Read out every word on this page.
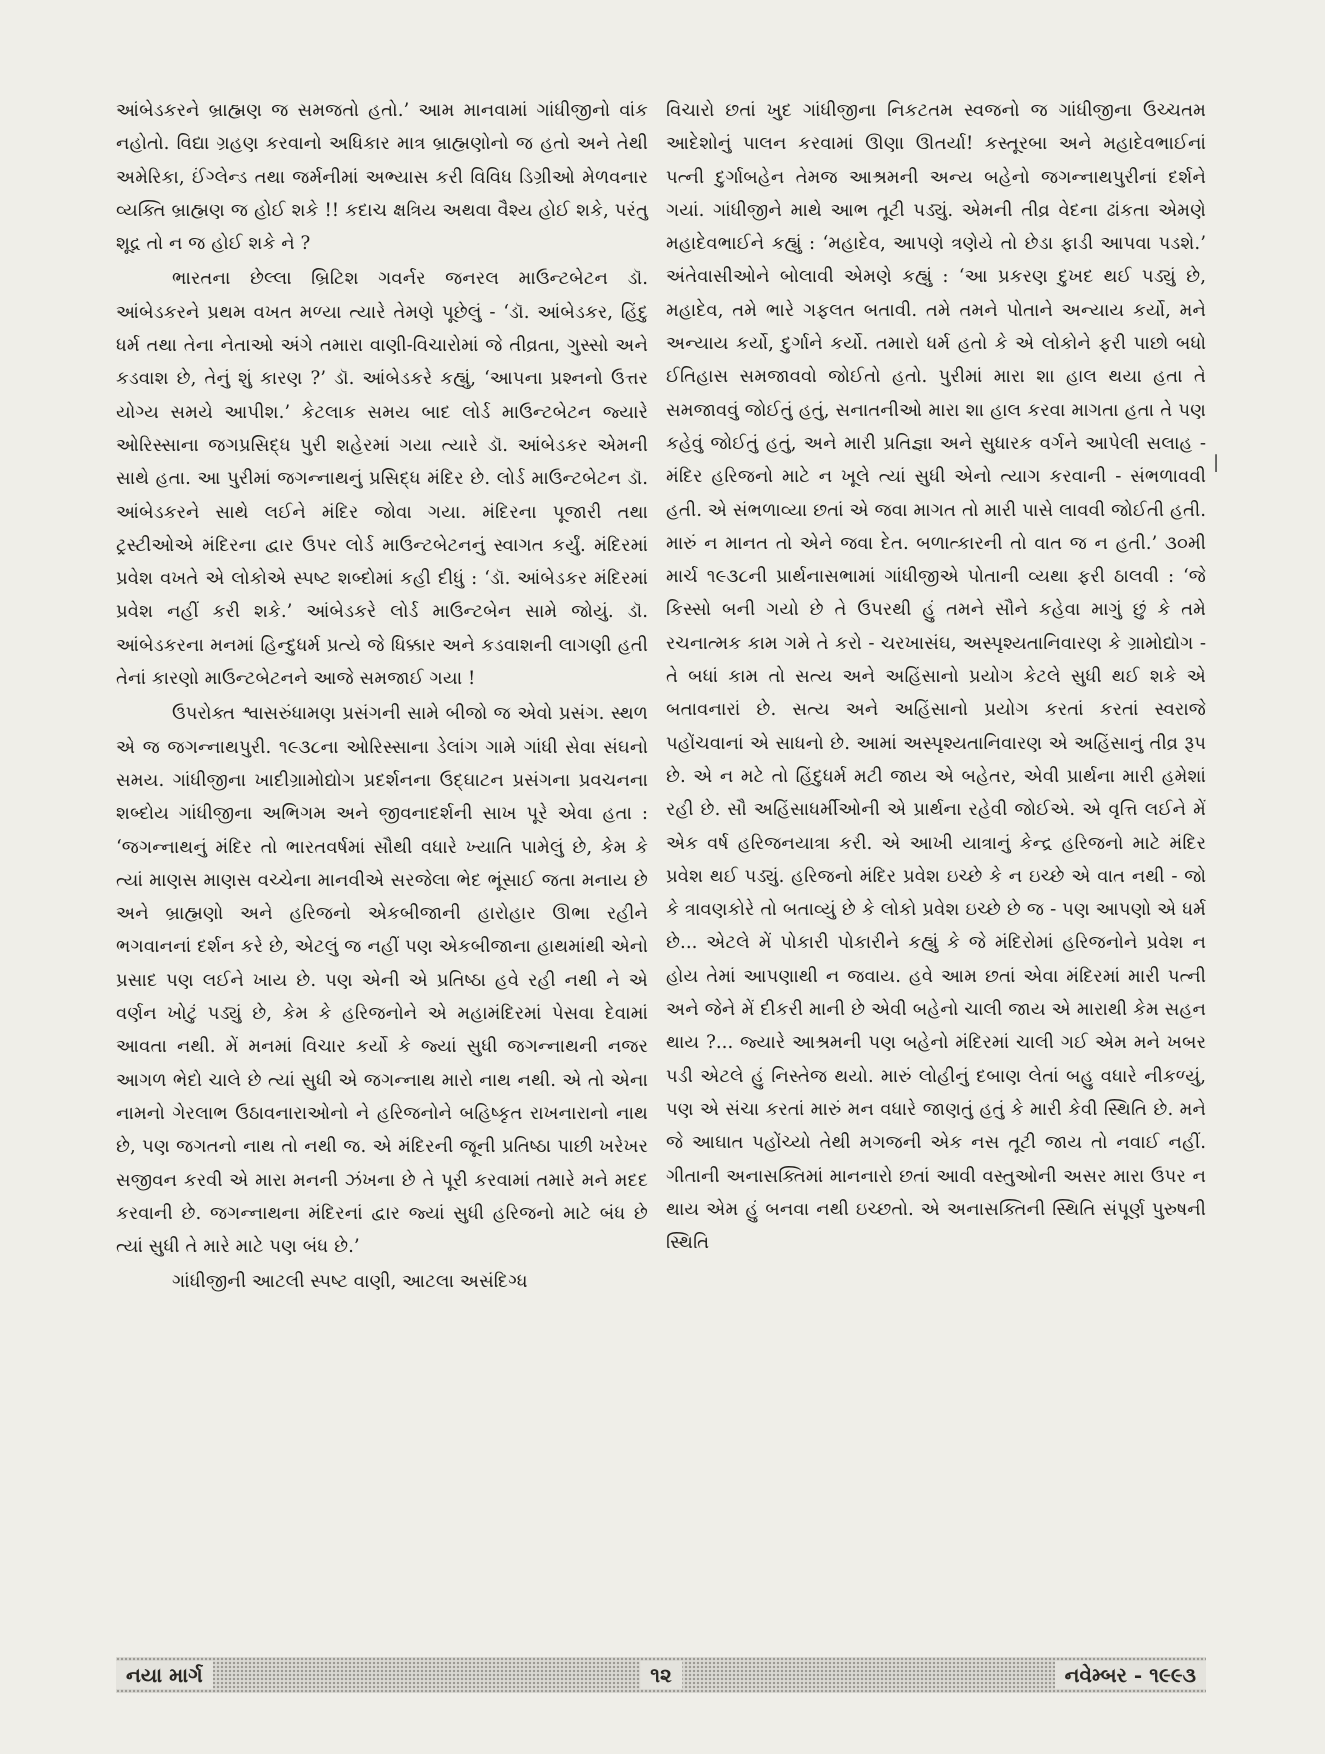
આંબેડકરને બ્રાહ્મણ જ સમજતો હતો.’ આમ માનવામાં ગાંધીજીનો વાંક નહોતો. વિદ્યા ગ્રહણ કરવાનો અધિકાર માત્ર બ્રાહ્મણોનો જ હતો અને તેથી અમેરિકા, ઈંગ્લેન્ડ તથા જર્મનીમાં અભ્યાસ કરી વિવિધ ડિગ્રીઓ મેળવનાર વ્યક્તિ બ્રાહ્મણ જ હોઈ શકે !! કદાચ ક્ષત્રિય અથવા વૈશ્ય હોઈ શકે, પરંતુ શૂદ્ર તો ન જ હોઈ શકે ને ?

ભારતના છેલ્લા બ્રિટિશ ગવર્નર જનરલ માઉન્ટબેટન ડૉ. આંબેડકરને પ્રથમ વખત મળ્યા ત્યારે તેમણે પૂછેલું - ‘ડૉ. આંબેડકર, હિંદુ ધર્મ તથા તેના નેતાઓ અંગે તમારા વાણી-વિચારોમાં જે તીવ્રતા, ગુસ્સો અને કડવાશ છે, તેનું શું કારણ ?’ ડૉ. આંબેડકરે કહ્યું, ‘આપના પ્રશ્નનો ઉત્તર યોગ્ય સમયે આપીશ.’ કેટલાક સમય બાદ લોર્ડ માઉન્ટબેટન જ્યારે ઓરિસ્સાના જગપ્રસિદ્ધ પુરી શહેરમાં ગયા ત્યારે ડૉ. આંબેડકર એમની સાથે હતા. આ પુરીમાં જગન્નાથનું પ્રસિદ્ધ મંદિર છે. લોર્ડ માઉન્ટબેટન ડૉ. આંબેડકરને સાથે લઈને મંદિર જોવા ગયા. મંદિરના પૂજારી તથા ટ્રસ્ટીઓએ મંદિરના દ્વાર ઉપર લોર્ડ માઉન્ટબેટનનું સ્વાગત કર્યું. મંદિરમાં પ્રવેશ વખતે એ લોકોએ સ્પષ્ટ શબ્દોમાં કહી દીધું : ‘ડૉ. આંબેડકર મંદિરમાં પ્રવેશ નહીં કરી શકે.’ આંબેડકરે લોર્ડ માઉન્ટબેન સામે જોયું. ડૉ. આંબેડકરના મનમાં હિન્દુધર્મ પ્રત્યે જે ધિક્કાર અને કડવાશની લાગણી હતી તેનાં કારણો માઉન્ટબેટનને આજે સમજાઈ ગયા !

ઉપરોક્ત શ્વાસરુંધામણ પ્રસંગની સામે બીજો જ એવો પ્રસંગ. સ્થળ એ જ જગન્નાથપુરી. ૧૯૩૮ના ઓરિસ્સાના ડેલાંગ ગામે ગાંધી સેવા સંઘનો સમય. ગાંધીજીના ખાદીગ્રામોદ્યોગ પ્રદર્શનના ઉદ્ઘાટન પ્રસંગના પ્રવચનના શબ્દોય ગાંધીજીના અભિગમ અને જીવનાદર્શની સાખ પૂરે એવા હતા : ‘જગન્નાથનું મંદિર તો ભારતવર્ષમાં સૌથી વધારે ખ્યાતિ પામેલું છે, કેમ કે ત્યાં માણસ માણસ વચ્ચેના માનવીએ સરજેલા ભેદ ભૂંસાઈ જતા મનાય છે અને બ્રાહ્મણો અને હરિજનો એકબીજાની હારોહાર ઊભા રહીને ભગવાનનાં દર્શન કરે છે, એટલું જ નહીં પણ એકબીજાના હાથમાંથી એનો પ્રસાદ પણ લઈને ખાય છે. પણ એની એ પ્રતિષ્ઠા હવે રહી નથી ને એ વર્ણન ખોટું પડ્યું છે, કેમ કે હરિજનોને એ મહામંદિરમાં પેસવા દેવામાં આવતા નથી. મેં મનમાં વિચાર કર્યો કે જ્યાં સુધી જગન્નાથની નજર આગળ ભેદો ચાલે છે ત્યાં સુધી એ જગન્નાથ મારો નાથ નથી. એ તો એના નામનો ગેરલાભ ઉઠાવનારાઓનો ને હરિજનોને બહિષ્કૃત રાખનારાનો નાથ છે, પણ જગતનો નાથ તો નથી જ. એ મંદિરની જૂની પ્રતિષ્ઠા પાછી ખરેખર સજીવન કરવી એ મારા મનની ઝંખના છે તે પૂરી કરવામાં તમારે મને મદદ કરવાની છે. જગન્નાથના મંદિરનાં દ્વાર જ્યાં સુધી હરિજનો માટે બંધ છે ત્યાં સુધી તે મારે માટે પણ બંધ છે.’

ગાંધીજીની આટલી સ્પષ્ટ વાણી, આટલા અસંદિગ્ધ

વિચારો છતાં ખુદ ગાંધીજીના નિકટતમ સ્વજનો જ ગાંધીજીના ઉચ્ચતમ આદેશોનું પાલન કરવામાં ઊણા ઊતર્યા! કસ્તૂરબા અને મહાદેવભાઈનાં પત્ની દુર્ગાબહેન તેમજ આશ્રમની અન્ય બહેનો જગન્નાથપુરીનાં દર્શને ગયાં. ગાંધીજીને માથે આભ તૂટી પડ્યું. એમની તીવ્ર વેદના ઢાંકતા એમણે મહાદેવભાઈને કહ્યું : ‘મહાદેવ, આપણે ત્રણેયે તો છેડા ફાડી આપવા પડશે.’ અંતેવાસીઓને બોલાવી એમણે કહ્યું : ‘આ પ્રકરણ દુખદ થઈ પડ્યું છે, મહાદેવ, તમે ભારે ગફલત બતાવી. તમે તમને પોતાને અન્યાય કર્યો, મને અન્યાય કર્યો, દુર્ગાને કર્યો. તમારો ધર્મ હતો કે એ લોકોને ફરી પાછો બધો ઈતિહાસ સમજાવવો જોઈતો હતો. પુરીમાં મારા શા હાલ થયા હતા તે સમજાવવું જોઈતું હતું, સનાતનીઓ મારા શા હાલ કરવા માગતા હતા તે પણ કહેવું જોઈતું હતું, અને મારી પ્રતિજ્ઞા અને સુધારક વર્ગને આપેલી સલાહ - મંદિર હરિજનો માટે ન ખૂલે ત્યાં સુધી એનો ત્યાગ કરવાની - સંભળાવવી હતી. એ સંભળાવ્યા છતાં એ જવા માગત તો મારી પાસે લાવવી જોઈતી હતી. મારું ન માનત તો એને જવા દેત. બળાત્કારની તો વાત જ ન હતી.’ ૩૦મી માર્ચ ૧૯૩૮ની પ્રાર્થનાસભામાં ગાંધીજીએ પોતાની વ્યથા ફરી ઠાલવી : ‘જે કિસ્સો બની ગયો છે તે ઉપરથી હું તમને સૌને કહેવા માગું છું કે તમે રચનાત્મક કામ ગમે તે કરો - ચરખાસંઘ, અસ્પૃશ્યતાનિવારણ કે ગ્રામોદ્યોગ - તે બધાં કામ તો સત્ય અને અહિંસાનો પ્રયોગ કેટલે સુધી થઈ શકે એ બતાવનારાં છે. સત્ય અને અહિંસાનો પ્રયોગ કરતાં કરતાં સ્વરાજે પહોંચવાનાં એ સાધનો છે. આમાં અસ્પૃશ્યતાનિવારણ એ અહિંસાનું તીવ્ર રૂપ છે. એ ન મટે તો હિંદુધર્મ મટી જાય એ બહેતર, એવી પ્રાર્થના મારી હમેશાં રહી છે. સૌ અહિંસાધર્મીઓની એ પ્રાર્થના રહેવી જોઈએ. એ વૃત્તિ લઈને મેં એક વર્ષ હરિજનયાત્રા કરી. એ આખી યાત્રાનું કેન્દ્ર હરિજનો માટે મંદિર પ્રવેશ થઈ પડ્યું. હરિજનો મંદિર પ્રવેશ ઇચ્છે કે ન ઇચ્છે એ વાત નથી - જો કે ત્રાવણકોરે તો બતાવ્યું છે કે લોકો પ્રવેશ ઇચ્છે છે જ - પણ આપણો એ ધર્મ છે... એટલે મેં પોકારી પોકારીને કહ્યું કે જે મંદિરોમાં હરિજનોને પ્રવેશ ન હોય તેમાં આપણાથી ન જવાય. હવે આમ છતાં એવા મંદિરમાં મારી પત્ની અને જેને મેં દીકરી માની છે એવી બહેનો ચાલી જાય એ મારાથી કેમ સહન થાય ?... જ્યારે આશ્રમની પણ બહેનો મંદિરમાં ચાલી ગઈ એમ મને ખબર પડી એટલે હું નિસ્તેજ થયો. મારું લોહીનું દબાણ લેતાં બહુ વધારે નીકળ્યું, પણ એ સંચા કરતાં મારું મન વધારે જાણતું હતું કે મારી કેવી સ્થિતિ છે. મને જે આઘાત પહોંચ્યો તેથી મગજની એક નસ તૂટી જાય તો નવાઈ નહીં. ગીતાની અનાસક્તિમાં માનનારો છતાં આવી વસ્તુઓની અસર મારા ઉપર ન થાય એમ હું બનવા નથી ઇચ્છતો. એ અનાસક્તિની સ્થિતિ સંપૂર્ણ પુરુષની સ્થિતિ

|
નયા માર્ગ	૧૨	નવેમ્બર - ૧૯૯૩
